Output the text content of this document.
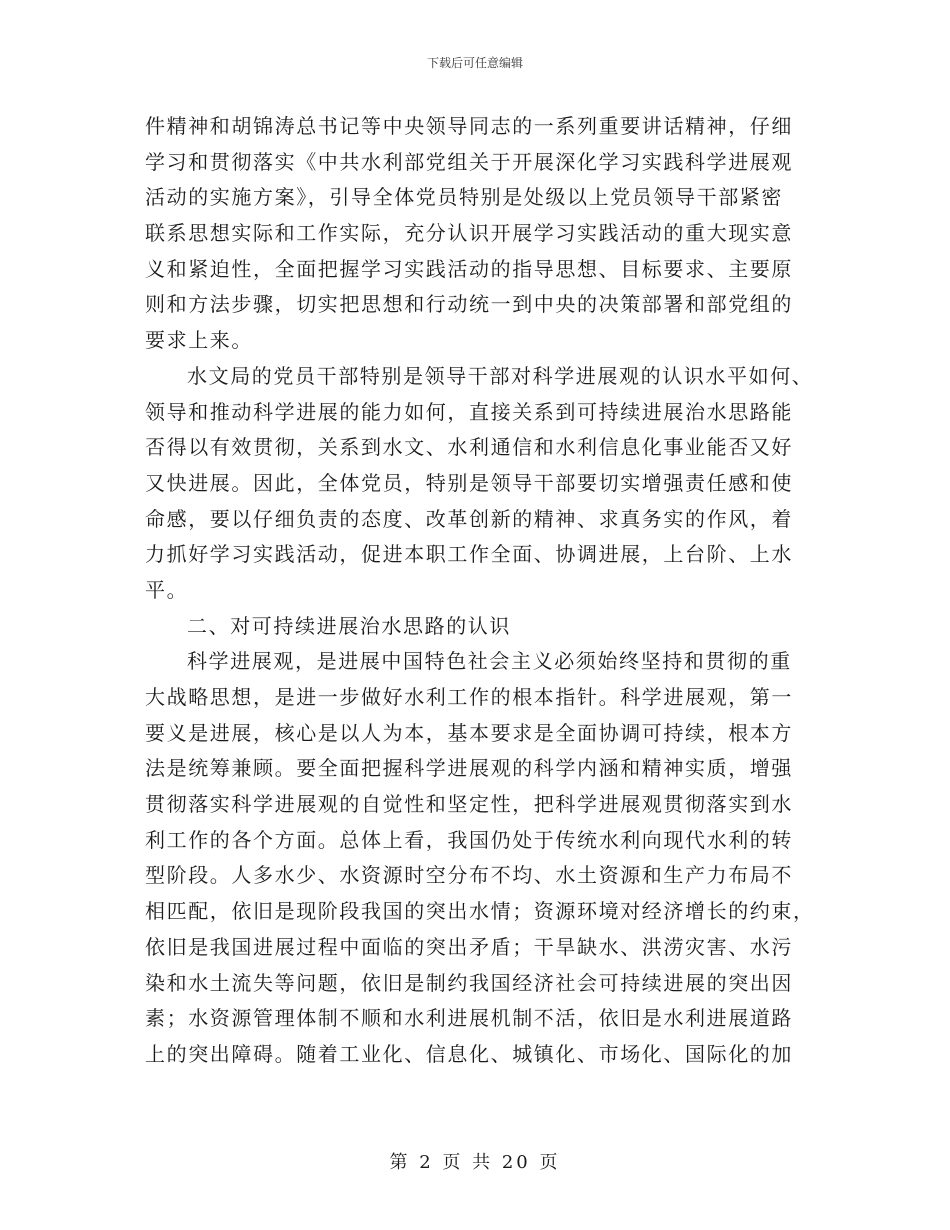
下载后可任意编辑
件精神和胡锦涛总书记等中央领导同志的一系列重要讲话精神，仔细
学习和贯彻落实《中共水利部党组关于开展深化学习实践科学进展观
活动的实施方案》，引导全体党员特别是处级以上党员领导干部紧密
联系思想实际和工作实际，充分认识开展学习实践活动的重大现实意
义和紧迫性，全面把握学习实践活动的指导思想、目标要求、主要原
则和方法步骤，切实把思想和行动统一到中央的决策部署和部党组的
要求上来。
水文局的党员干部特别是领导干部对科学进展观的认识水平如何、
领导和推动科学进展的能力如何，直接关系到可持续进展治水思路能
否得以有效贯彻，关系到水文、水利通信和水利信息化事业能否又好
又快进展。因此，全体党员，特别是领导干部要切实增强责任感和使
命感，要以仔细负责的态度、改革创新的精神、求真务实的作风，着
力抓好学习实践活动，促进本职工作全面、协调进展，上台阶、上水
平。
二、对可持续进展治水思路的认识
科学进展观，是进展中国特色社会主义必须始终坚持和贯彻的重
大战略思想，是进一步做好水利工作的根本指针。科学进展观，第一
要义是进展，核心是以人为本，基本要求是全面协调可持续，根本方
法是统筹兼顾。要全面把握科学进展观的科学内涵和精神实质，增强
贯彻落实科学进展观的自觉性和坚定性，把科学进展观贯彻落实到水
利工作的各个方面。总体上看，我国仍处于传统水利向现代水利的转
型阶段。人多水少、水资源时空分布不均、水土资源和生产力布局不
相匹配，依旧是现阶段我国的突出水情；资源环境对经济增长的约束，
依旧是我国进展过程中面临的突出矛盾；干旱缺水、洪涝灾害、水污
染和水土流失等问题，依旧是制约我国经济社会可持续进展的突出因
素；水资源管理体制不顺和水利进展机制不活，依旧是水利进展道路
上的突出障碍。随着工业化、信息化、城镇化、市场化、国际化的加
第 2 页 共 20 页
